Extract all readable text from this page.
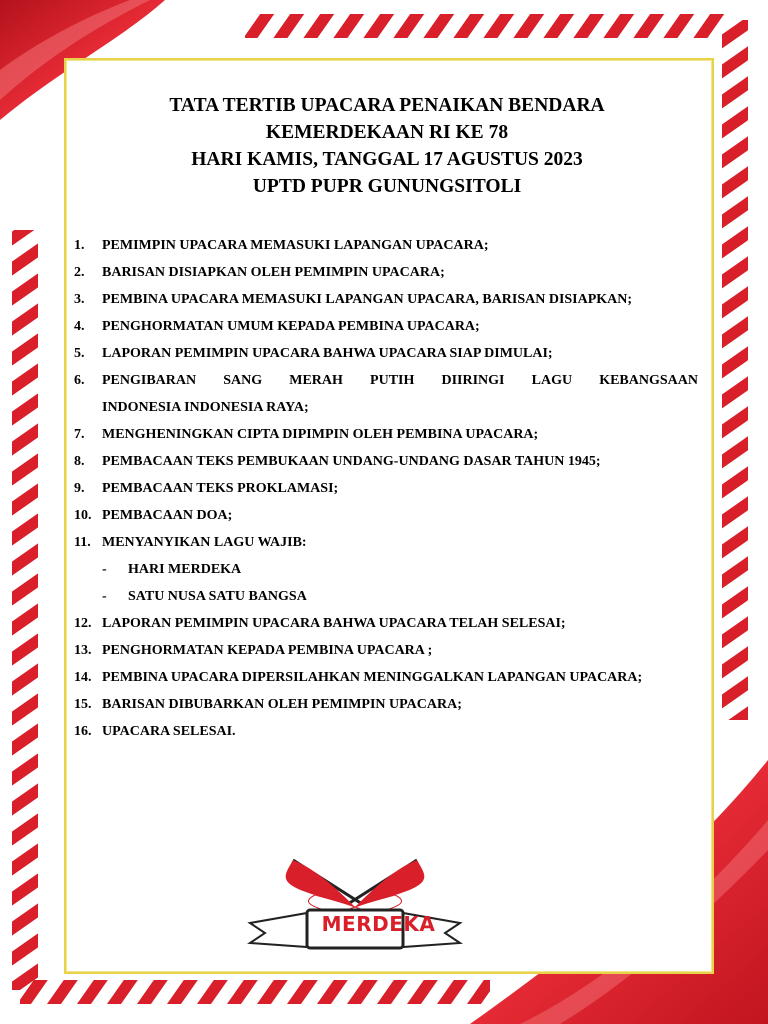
TATA TERTIB UPACARA PENAIKAN BENDARA
KEMERDEKAAN RI KE 78
HARI KAMIS, TANGGAL 17 AGUSTUS 2023
UPTD PUPR GUNUNGSITOLI
1. PEMIMPIN UPACARA MEMASUKI LAPANGAN UPACARA;
2. BARISAN DISIAPKAN OLEH PEMIMPIN UPACARA;
3. PEMBINA UPACARA MEMASUKI LAPANGAN UPACARA, BARISAN DISIAPKAN;
4. PENGHORMATAN UMUM KEPADA PEMBINA UPACARA;
5. LAPORAN PEMIMPIN UPACARA BAHWA UPACARA SIAP DIMULAI;
6. PENGIBARAN SANG MERAH PUTIH DIIRINGI LAGU KEBANGSAAN
INDONESIA INDONESIA RAYA;
7. MENGHENINGKAN CIPTA DIPIMPIN OLEH PEMBINA UPACARA;
8. PEMBACAAN TEKS PEMBUKAAN UNDANG-UNDANG DASAR TAHUN 1945;
9. PEMBACAAN TEKS PROKLAMASI;
10. PEMBACAAN DOA;
11. MENYANYIKAN LAGU WAJIB:
- HARI MERDEKA
- SATU NUSA SATU BANGSA
12. LAPORAN PEMIMPIN UPACARA BAHWA UPACARA TELAH SELESAI;
13. PENGHORMATAN KEPADA PEMBINA UPACARA ;
14. PEMBINA UPACARA DIPERSILAHKAN MENINGGALKAN LAPANGAN UPACARA;
15. BARISAN DIBUBARKAN OLEH PEMIMPIN UPACARA;
16. UPACARA SELESAI.
MERDEKA
